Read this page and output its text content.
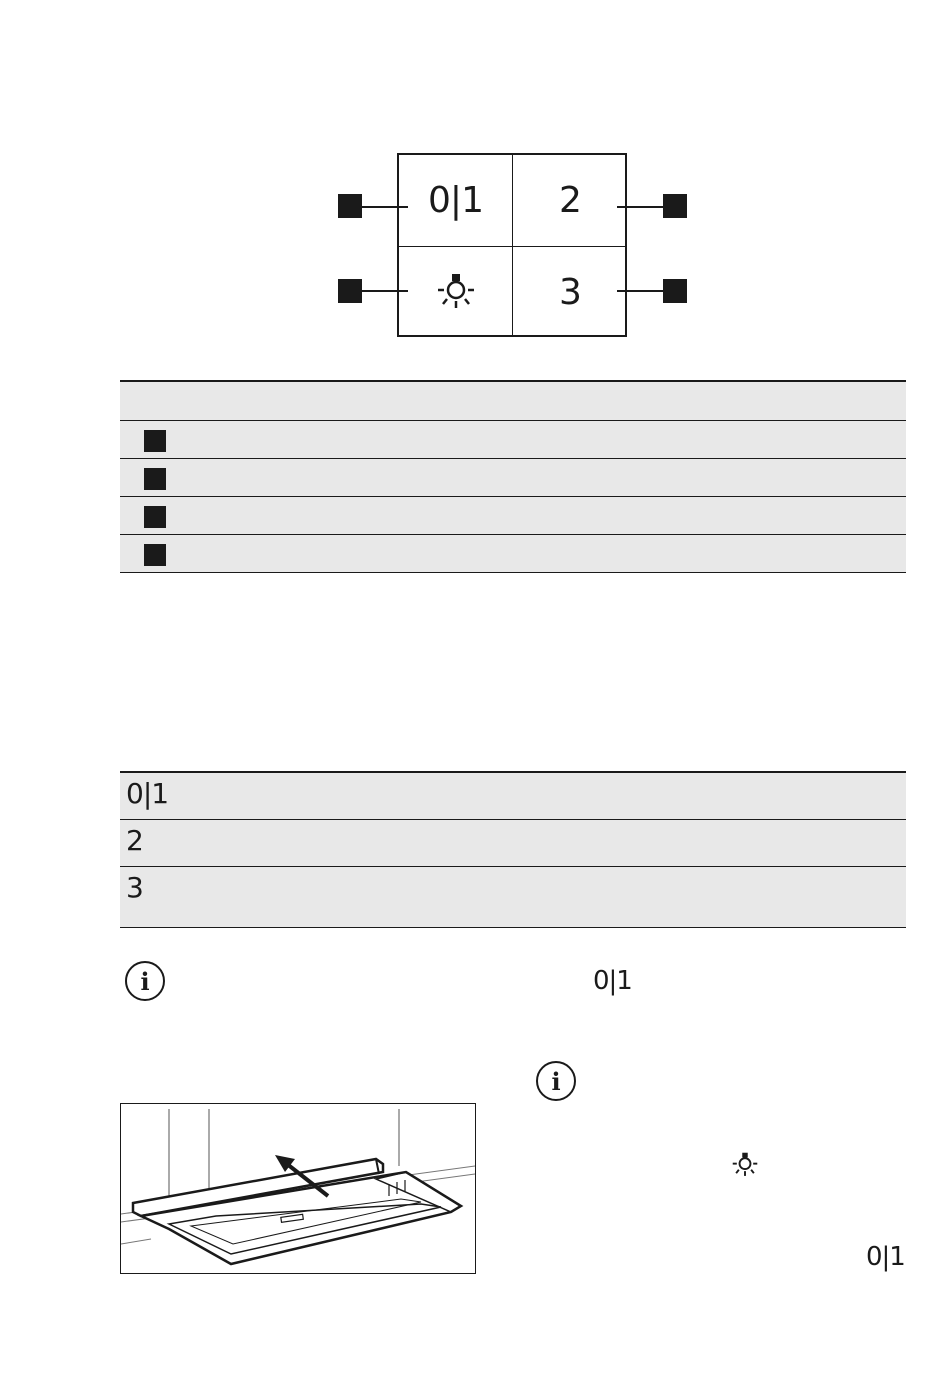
0|1 2
3
0|1
2
3
i	0|1
i
0|1
